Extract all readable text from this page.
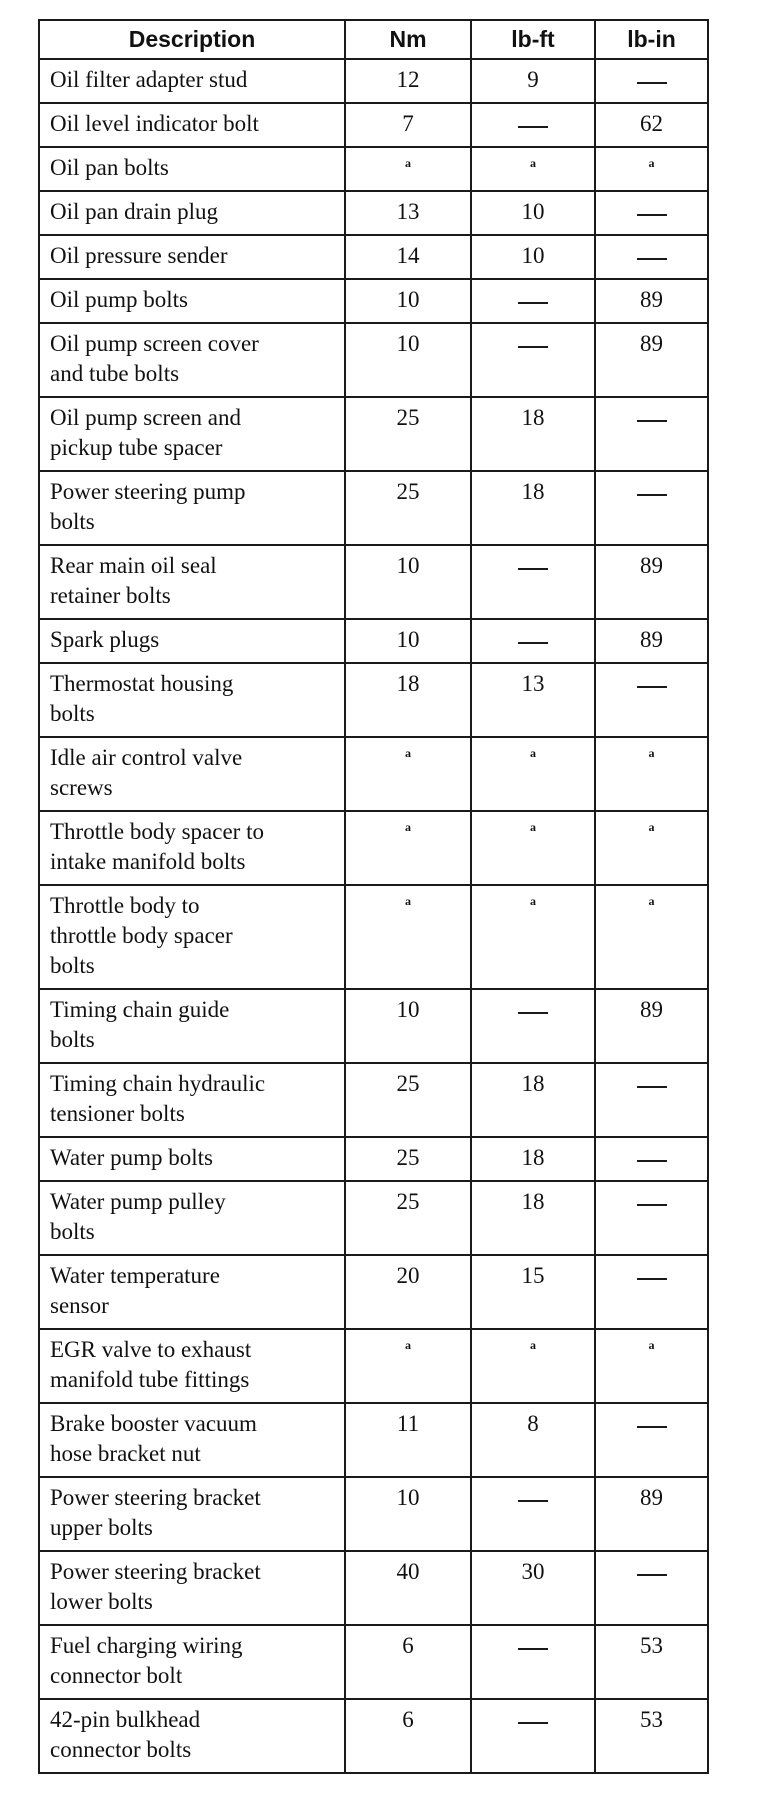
Description	Nm	lb-ft	lb-in
Oil filter adapter stud	12	9	
Oil level indicator bolt	7		62
Oil pan bolts	a	a	a
Oil pan drain plug	13	10	
Oil pressure sender	14	10	
Oil pump bolts	10		89
Oil pump screen cover
and tube bolts	10		89
Oil pump screen and
pickup tube spacer	25	18	
Power steering pump
bolts	25	18	
Rear main oil seal
retainer bolts	10		89
Spark plugs	10		89
Thermostat housing
bolts	18	13	
Idle air control valve
screws	a	a	a
Throttle body spacer to
intake manifold bolts	a	a	a
Throttle body to
throttle body spacer
bolts	a	a	a
Timing chain guide
bolts	10		89
Timing chain hydraulic
tensioner bolts	25	18	
Water pump bolts	25	18	
Water pump pulley
bolts	25	18	
Water temperature
sensor	20	15	
EGR valve to exhaust
manifold tube fittings	a	a	a
Brake booster vacuum
hose bracket nut	11	8	
Power steering bracket
upper bolts	10		89
Power steering bracket
lower bolts	40	30	
Fuel charging wiring
connector bolt	6		53
42-pin bulkhead
connector bolts	6		53
